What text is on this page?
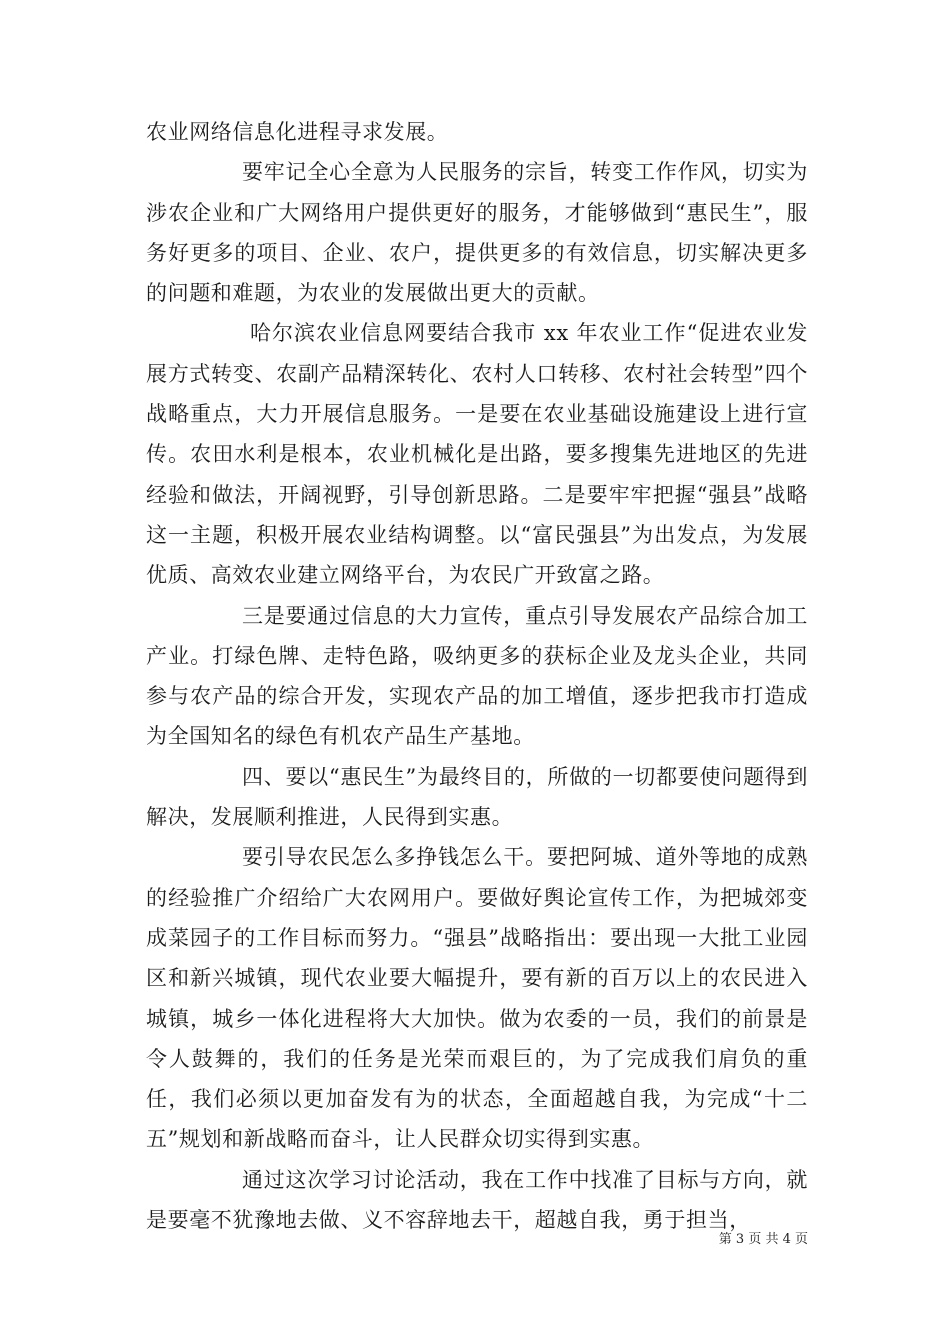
农业网络信息化进程寻求发展。

要牢记全心全意为人民服务的宗旨，转变工作作风，切实为涉农企业和广大网络用户提供更好的服务，才能够做到“惠民生”，服务好更多的项目、企业、农户，提供更多的有效信息，切实解决更多的问题和难题，为农业的发展做出更大的贡献。

哈尔滨农业信息网要结合我市 xx 年农业工作“促进农业发展方式转变、农副产品精深转化、农村人口转移、农村社会转型”四个战略重点，大力开展信息服务。一是要在农业基础设施建设上进行宣传。农田水利是根本，农业机械化是出路，要多搜集先进地区的先进经验和做法，开阔视野，引导创新思路。二是要牢牢把握“强县”战略这一主题，积极开展农业结构调整。以“富民强县”为出发点，为发展优质、高效农业建立网络平台，为农民广开致富之路。

三是要通过信息的大力宣传，重点引导发展农产品综合加工产业。打绿色牌、走特色路，吸纳更多的获标企业及龙头企业，共同参与农产品的综合开发，实现农产品的加工增值，逐步把我市打造成为全国知名的绿色有机农产品生产基地。

四、要以“惠民生”为最终目的，所做的一切都要使问题得到解决，发展顺利推进，人民得到实惠。

要引导农民怎么多挣钱怎么干。要把阿城、道外等地的成熟的经验推广介绍给广大农网用户。要做好舆论宣传工作，为把城郊变成菜园子的工作目标而努力。“强县”战略指出：要出现一大批工业园区和新兴城镇，现代农业要大幅提升，要有新的百万以上的农民进入城镇，城乡一体化进程将大大加快。做为农委的一员，我们的前景是令人鼓舞的，我们的任务是光荣而艰巨的，为了完成我们肩负的重任，我们必须以更加奋发有为的状态，全面超越自我，为完成“十二五”规划和新战略而奋斗，让人民群众切实得到实惠。

通过这次学习讨论活动，我在工作中找准了目标与方向，就是要毫不犹豫地去做、义不容辞地去干，超越自我，勇于担当，

第 3 页 共 4 页
